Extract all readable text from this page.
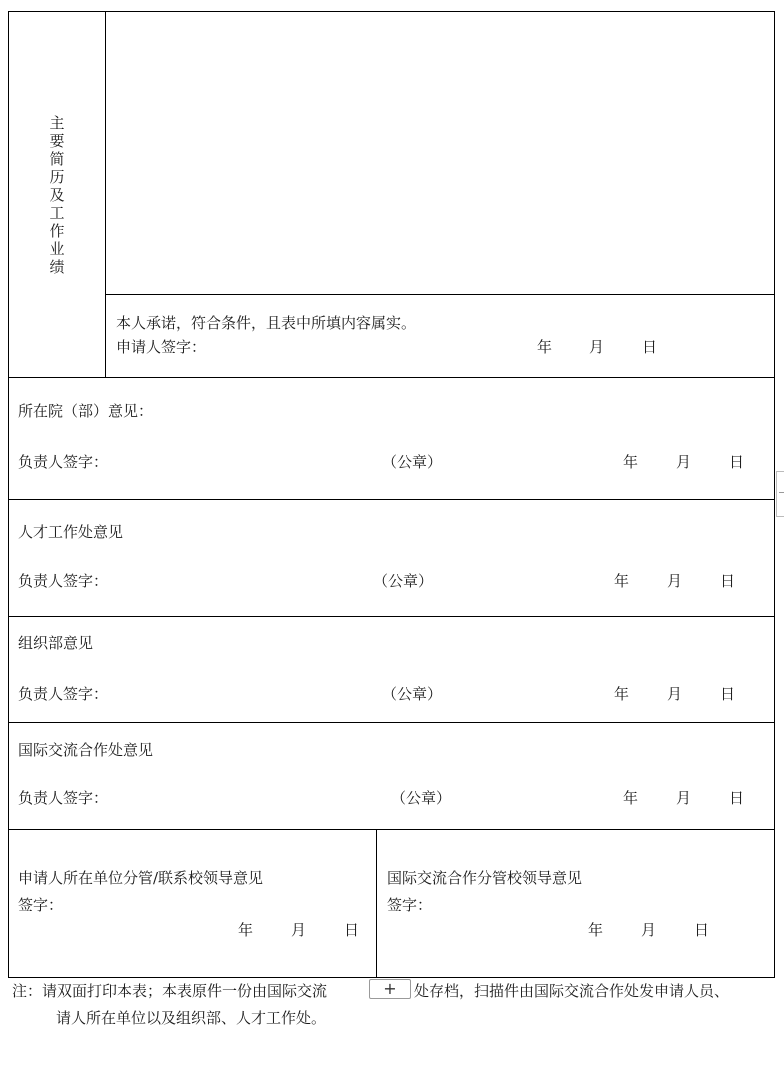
主
要
简
历
及
工
作
业
绩
本人承诺，符合条件，且表中所填内容属实。
申请人签字：	年 月	日
所在院（部）意见：
负责人签字：	（公章）	年	月	日
人才工作处意见
负责人签字：	（公章）	年	月	日
组织部意见
负责人签字：	（公章）	年	月	日
国际交流合作处意见
负责人签字：	（公章）	年	月	日
申请人所在单位分管/联系校领导意见
签字：
年	月	日
国际交流合作分管校领导意见
签字：
年	月	日
注：请双面打印本表；本表原件一份由国际交流	+	处存档，扫描件由国际交流合作处发申请人员、
请人所在单位以及组织部、人才工作处。
